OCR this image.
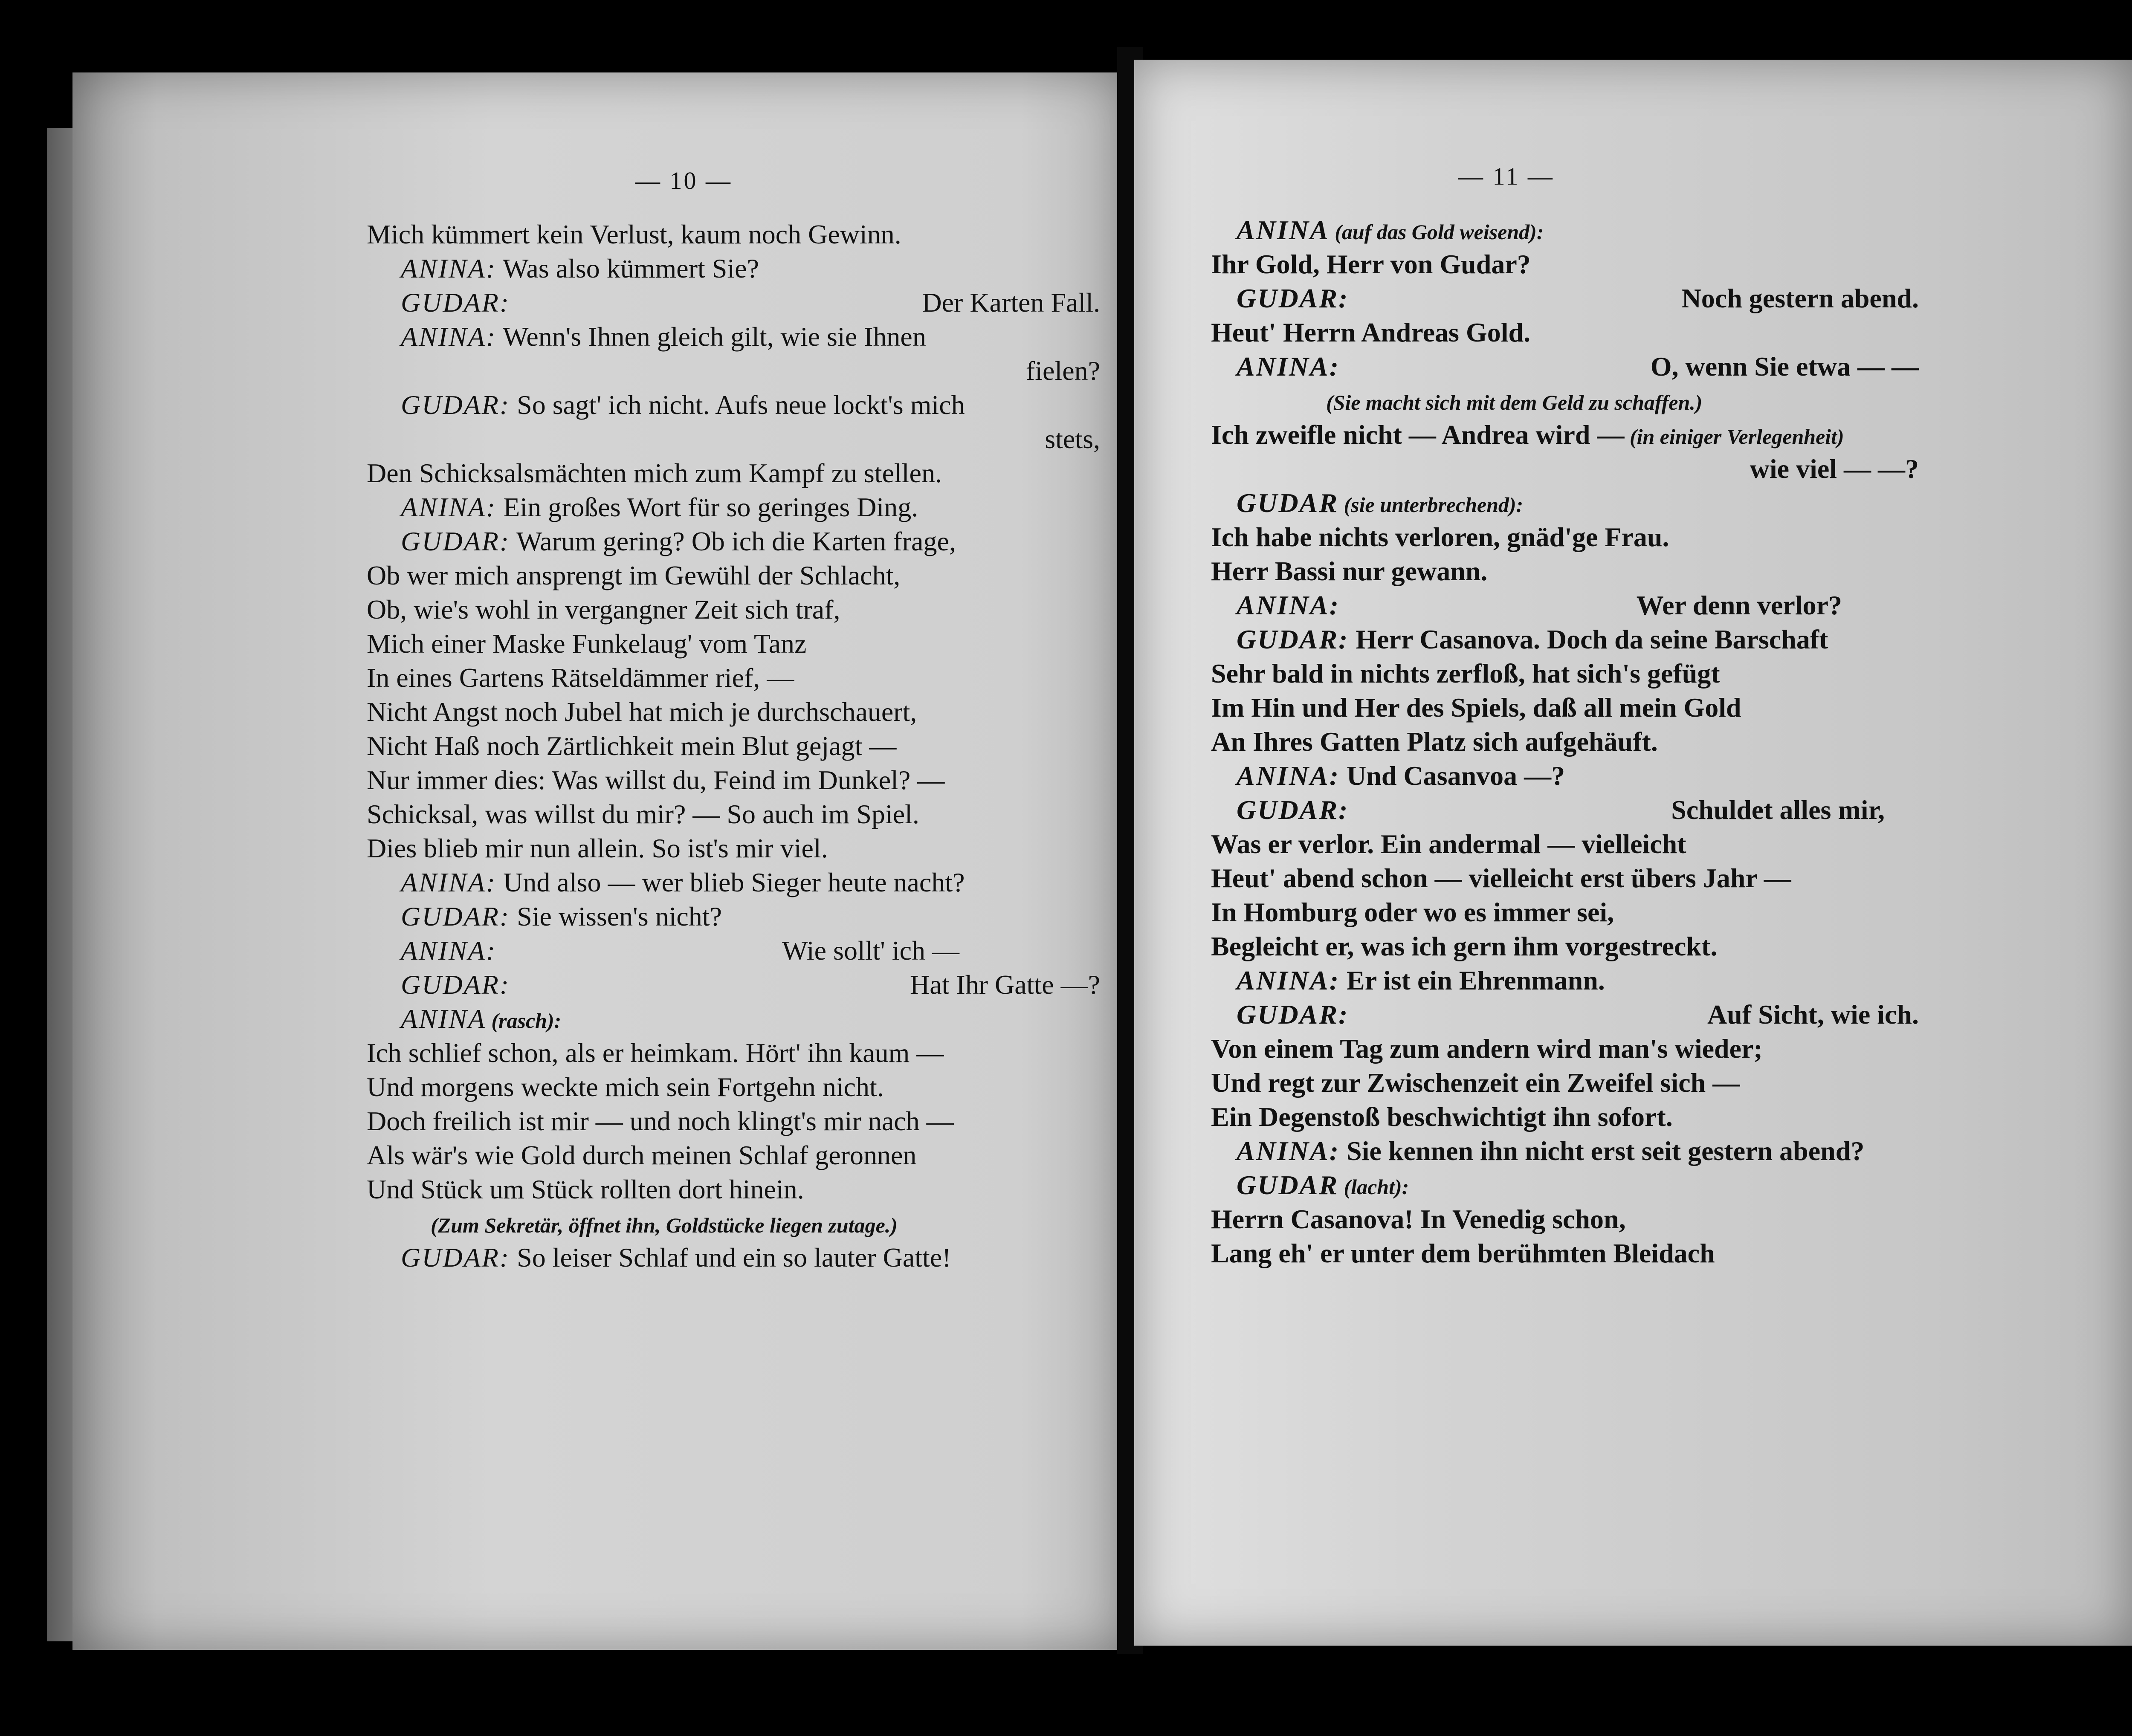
— 10 —
Mich kümmert kein Verlust, kaum noch Gewinn.
ANINA: Was also kümmert Sie?
GUDAR:	Der Karten Fall.
ANINA: Wenn's Ihnen gleich gilt, wie sie Ihnen
fielen?
GUDAR: So sagt' ich nicht. Aufs neue lockt's mich
stets,
Den Schicksalsmächten mich zum Kampf zu stellen.
ANINA: Ein großes Wort für so geringes Ding.
GUDAR: Warum gering? Ob ich die Karten frage,
Ob wer mich ansprengt im Gewühl der Schlacht,
Ob, wie's wohl in vergangner Zeit sich traf,
Mich einer Maske Funkelaug' vom Tanz
In eines Gartens Rätseldämmer rief, —
Nicht Angst noch Jubel hat mich je durchschauert,
Nicht Haß noch Zärtlichkeit mein Blut gejagt —
Nur immer dies: Was willst du, Feind im Dunkel? —
Schicksal, was willst du mir? — So auch im Spiel.
Dies blieb mir nun allein. So ist's mir viel.
ANINA: Und also — wer blieb Sieger heute nacht?
GUDAR: Sie wissen's nicht?
ANINA:	Wie sollt' ich —
GUDAR:	Hat Ihr Gatte —?
ANINA (rasch):
Ich schlief schon, als er heimkam. Hört' ihn kaum —
Und morgens weckte mich sein Fortgehn nicht.
Doch freilich ist mir — und noch klingt's mir nach —
Als wär's wie Gold durch meinen Schlaf geronnen
Und Stück um Stück rollten dort hinein.
(Zum Sekretär, öffnet ihn, Goldstücke liegen zutage.)
GUDAR: So leiser Schlaf und ein so lauter Gatte!
— 11 —
ANINA (auf das Gold weisend):
Ihr Gold, Herr von Gudar?
GUDAR:	Noch gestern abend.
Heut' Herrn Andreas Gold.
ANINA:	O, wenn Sie etwa — —
(Sie macht sich mit dem Geld zu schaffen.)
Ich zweifle nicht — Andrea wird — (in einiger Verlegenheit)
wie viel — —?
GUDAR (sie unterbrechend):
Ich habe nichts verloren, gnäd'ge Frau.
Herr Bassi nur gewann.
ANINA:	Wer denn verlor?
GUDAR: Herr Casanova. Doch da seine Barschaft
Sehr bald in nichts zerfloß, hat sich's gefügt
Im Hin und Her des Spiels, daß all mein Gold
An Ihres Gatten Platz sich aufgehäuft.
ANINA: Und Casanvoa —?
GUDAR:	Schuldet alles mir,
Was er verlor. Ein andermal — vielleicht
Heut' abend schon — vielleicht erst übers Jahr —
In Homburg oder wo es immer sei,
Begleicht er, was ich gern ihm vorgestreckt.
ANINA: Er ist ein Ehrenmann.
GUDAR:	Auf Sicht, wie ich.
Von einem Tag zum andern wird man's wieder;
Und regt zur Zwischenzeit ein Zweifel sich —
Ein Degenstoß beschwichtigt ihn sofort.
ANINA: Sie kennen ihn nicht erst seit gestern abend?
GUDAR (lacht):
Herrn Casanova! In Venedig schon,
Lang eh' er unter dem berühmten Bleidach
